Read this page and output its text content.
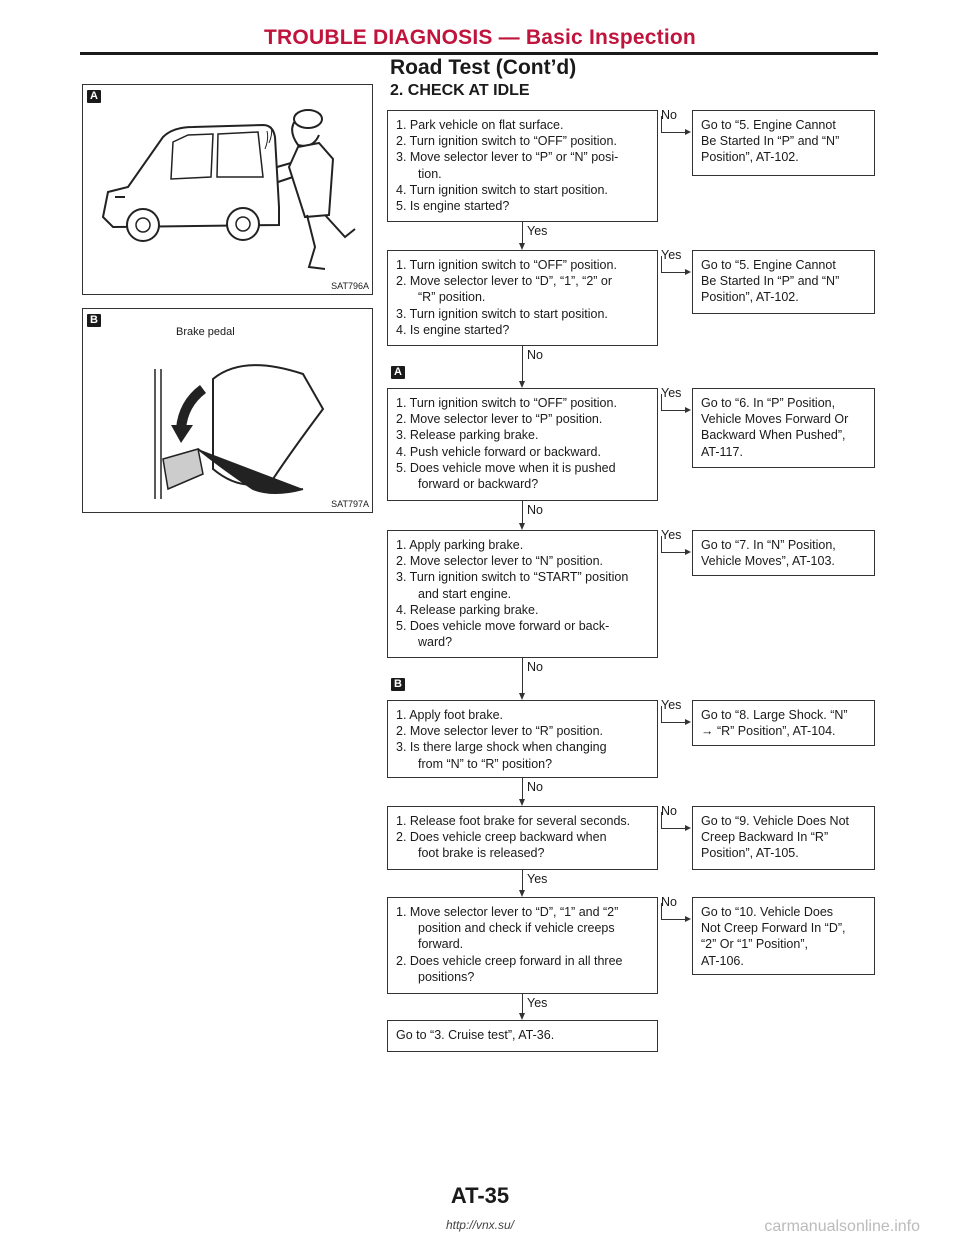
TROUBLE DIAGNOSIS — Basic Inspection
Road Test (Cont’d)
2. CHECK AT IDLE
A
SAT796A
B
Brake pedal
SAT797A
1. Park vehicle on flat surface.
2. Turn ignition switch to “OFF” position.
3. Move selector lever to “P” or “N” posi-
tion.
4. Turn ignition switch to start position.
5. Is engine started?
No
Go to “5. Engine Cannot
Be Started In “P” and “N”
Position”, AT-102.
Yes
1. Turn ignition switch to “OFF” position.
2. Move selector lever to “D”, “1”, “2” or
“R” position.
3. Turn ignition switch to start position.
4. Is engine started?
Yes
Go to “5. Engine Cannot
Be Started In “P” and “N”
Position”, AT-102.
No
1. Turn ignition switch to “OFF” position.
2. Move selector lever to “P” position.
3. Release parking brake.
4. Push vehicle forward or backward.
5. Does vehicle move when it is pushed
forward or backward?
A
Yes
Go to “6. In “P” Position,
Vehicle Moves Forward Or
Backward When Pushed”,
AT-117.
No
1. Apply parking brake.
2. Move selector lever to “N” position.
3. Turn ignition switch to “START” position
and start engine.
4. Release parking brake.
5. Does vehicle move forward or back-
ward?
Yes
Go to “7. In “N” Position,
Vehicle Moves”, AT-103.
No
1. Apply foot brake.
2. Move selector lever to “R” position.
3. Is there large shock when changing
from “N” to “R” position?
B
Yes
Go to “8. Large Shock. “N”
→ “R” Position”, AT-104.
No
1. Release foot brake for several seconds.
2. Does vehicle creep backward when
foot brake is released?
No
Go to “9. Vehicle Does Not
Creep Backward In “R”
Position”, AT-105.
Yes
1. Move selector lever to “D”, “1” and “2”
position and check if vehicle creeps
forward.
2. Does vehicle creep forward in all three
positions?
No
Go to “10. Vehicle Does
Not Creep Forward In “D”,
“2” Or “1” Position”,
AT-106.
Yes
Go to “3. Cruise test”, AT-36.
AT-35
http://vnx.su/	carmanualsonline.info
